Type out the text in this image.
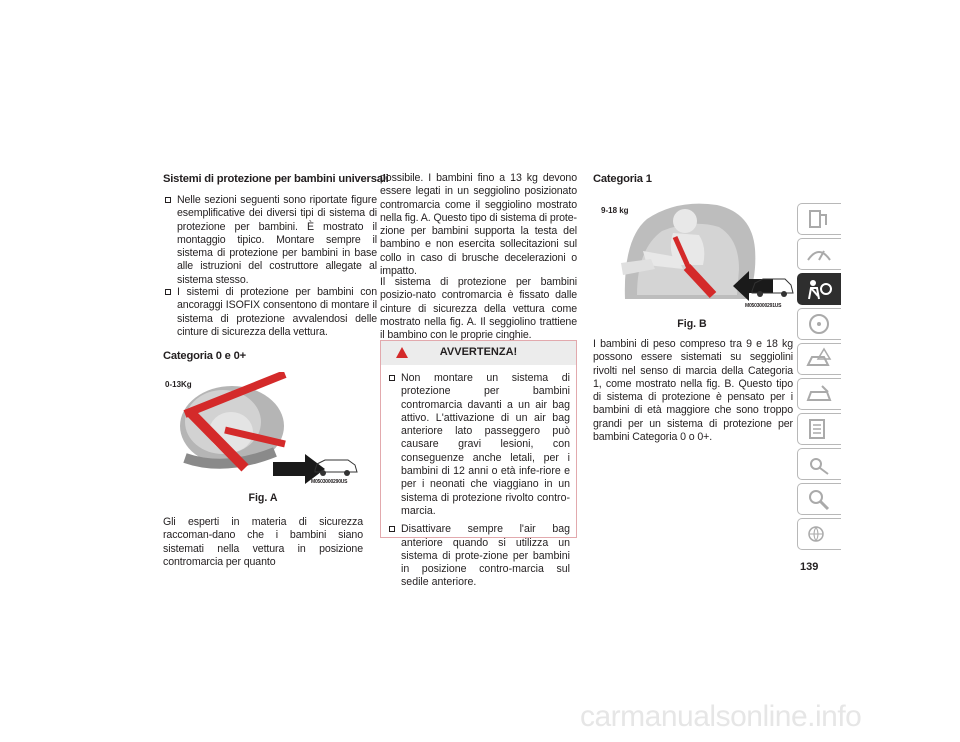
Sistemi di protezione per bambini universali
Nelle sezioni seguenti sono riportate figure esemplificative dei diversi tipi di sistema di protezione per bambini. È mostrato il montaggio tipico. Montare sempre il sistema di protezione per bambini in base alle istruzioni del costruttore allegate al sistema stesso.
I sistemi di protezione per bambini con ancoraggi ISOFIX consentono di montare il sistema di protezione avvalendosi delle cinture di sicurezza della vettura.
Categoria 0 e 0+
0-13Kg
M0503000290US
Fig. A

Gli esperti in materia di sicurezza raccoman-dano che i bambini siano sistemati nella vettura in posizione contromarcia per quanto

possibile. I bambini fino a 13 kg devono essere legati in un seggiolino posizionato contromarcia come il seggiolino mostrato nella fig. A. Questo tipo di sistema di prote-zione per bambini supporta la testa del bambino e non esercita sollecitazioni sul collo in caso di brusche decelerazioni o impatto.

Il sistema di protezione per bambini posizio-nato contromarcia è fissato dalle cinture di sicurezza della vettura come mostrato nella fig. A. Il seggiolino trattiene il bambino con le proprie cinghie.

AVVERTENZA!
Non montare un sistema di protezione per bambini contromarcia davanti a un air bag attivo. L'attivazione di un air bag anteriore lato passeggero può causare gravi lesioni, con conseguenze anche letali, per i bambini di 12 anni o età infe-riore e per i neonati che viaggiano in un sistema di protezione rivolto contro-marcia.
Disattivare sempre l'air bag anteriore quando si utilizza un sistema di prote-zione per bambini in posizione contro-marcia sul sedile anteriore.
Categoria 1
9-18 kg
M0503000291US
Fig. B

I bambini di peso compreso tra 9 e 18 kg possono essere sistemati su seggiolini rivolti nel senso di marcia della Categoria 1, come mostrato nella fig. B. Questo tipo di sistema di protezione è pensato per i bambini di età maggiore che sono troppo grandi per un sistema di protezione per bambini Categoria 0 o 0+.

139
carmanualsonline.info
